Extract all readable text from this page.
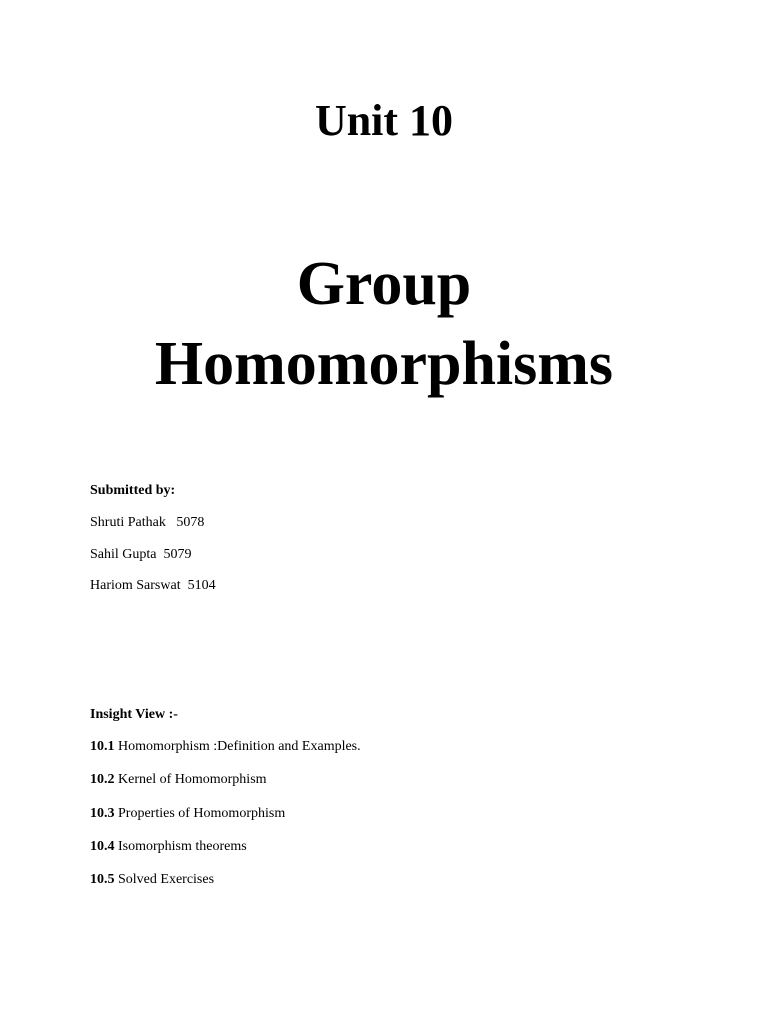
Unit 10
Group
Homomorphisms
Submitted by:
Shruti Pathak   5078
Sahil Gupta  5079
Hariom Sarswat  5104
Insight View :-
10.1 Homomorphism :Definition and Examples.
10.2 Kernel of Homomorphism
10.3 Properties of Homomorphism
10.4 Isomorphism theorems
10.5 Solved Exercises
